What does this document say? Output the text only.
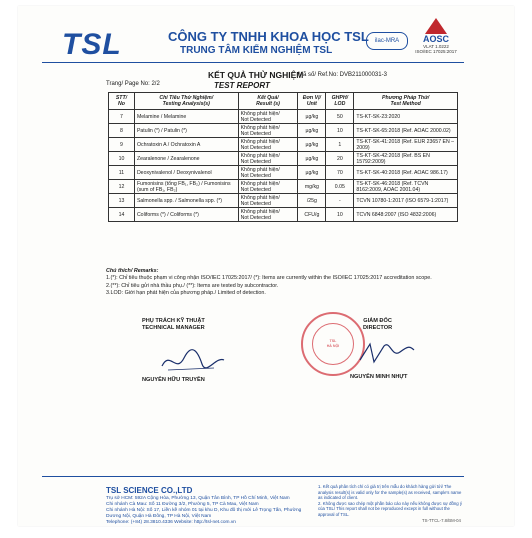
TSL	CÔNG TY TNHH KHOA HỌC TSL
TRUNG TÂM KIỂM NGHIỆM TSL
ilac-MRA	AOSC
VLAT 1.0222
ISO/IEC 17025:2017
KẾT QUẢ THỬ NGHIỆM
TEST REPORT
Mã số/ Ref.No: DVB211000031-3
Trang/ Page No: 2/2
STT/
No	Chỉ Tiêu Thử Nghiệm/
Testing Analysis(s)	Kết Quả/
Result (s)	Đơn Vị/
Unit	GHPH/
LOD	Phương Pháp Thử/
Test Method

7	Melamine / Melamine	Không phát hiện/
Not Detected	µg/kg	50	TS-KT-SK-23:2020
8	Patulin (*) / Patulin (*)	Không phát hiện/
Not Detected	µg/kg	10	TS-KT-SK-65:2018 (Ref. AOAC 2000.02)
9	Ochratoxin A / Ochratoxin A	Không phát hiện/
Not Detected	µg/kg	1	TS-KT-SK-41:2018 (Ref. EUR 23657 EN – 2009)
10	Zearalenone / Zearalenone	Không phát hiện/
Not Detected	µg/kg	20	TS-KT-SK-42:2018 (Ref. BS EN 15792:2009)
11	Deoxynivalenol / Deoxynivalenol	Không phát hiện/
Not Detected	µg/kg	70	TS-KT-SK-40:2018 (Ref. AOAC 986.17)
12	Fumonisins (tổng FB₁, FB₂) / Fumonisins (sum of FB₁, FB₂)	Không phát hiện/
Not Detected	mg/kg	0.05	TS-KT-SK-46:2018 (Ref. TCVN 8162:2009, AOAC 2001.04)
13	Salmonella spp. / Salmonella spp. (*)	Không phát hiện/
Not Detected	/25g	-	TCVN 10780-1:2017 (ISO 6579-1:2017)
14	Coliforms (*) / Coliforms (*)	Không phát hiện/
Not Detected	CFU/g	10	TCVN 6848:2007 (ISO 4832:2006)
Chú thích/ Remarks:
1.(*): Chỉ tiêu thuộc phạm vi công nhận ISO/IEC 17025:2017/ (*): Items are currently within the ISO/IEC 17025:2017 accreditation scope.
2.(**): Chỉ tiêu gửi nhà thầu phụ./ (**): Items are tested by subcontractor.
3.LOD: Giới hạn phát hiện của phương pháp./ Limited of detection.
PHỤ TRÁCH KỸ THUẬT
TECHNICAL MANAGER
NGUYỄN HỮU TRUYỀN
GIÁM ĐỐC
DIRECTOR
TSL
HÀ NỘI
NGUYỄN MINH NHỰT
TSL SCIENCE CO.,LTD
Trụ sở HCM: 592A Cộng Hòa, Phường 13, Quận Tân Bình, TP Hồ Chí Minh, Việt Nam
Chi nhánh Cà Mau: Số 11 Đường 3/2, Phường 5, TP Cà Mau, Việt Nam
Chi nhánh Hà Nội: Số 17, Liền kề nhóm 01 tại khu D, Khu đô thị mới Lê Trọng Tấn, Phường Dương Nội, Quận Hà Đông, TP Hà Nội, Việt Nam
Telephone: (+84) 28.3810.4336 Website: http://tsl-net.com.vn
1. Kết quả phân tích chỉ có giá trị trên mẫu do khách hàng gửi tới/ The analysis result(s) is valid only for the sample(s) as received, sample's name as indicated of client.
2. Không được sao chép một phần báo cáo này nếu không được sự đồng ý của TSL/ This report shall not be reproduced except in full without the approval of TSL.
TS-TTCL-7.8/BM-04
